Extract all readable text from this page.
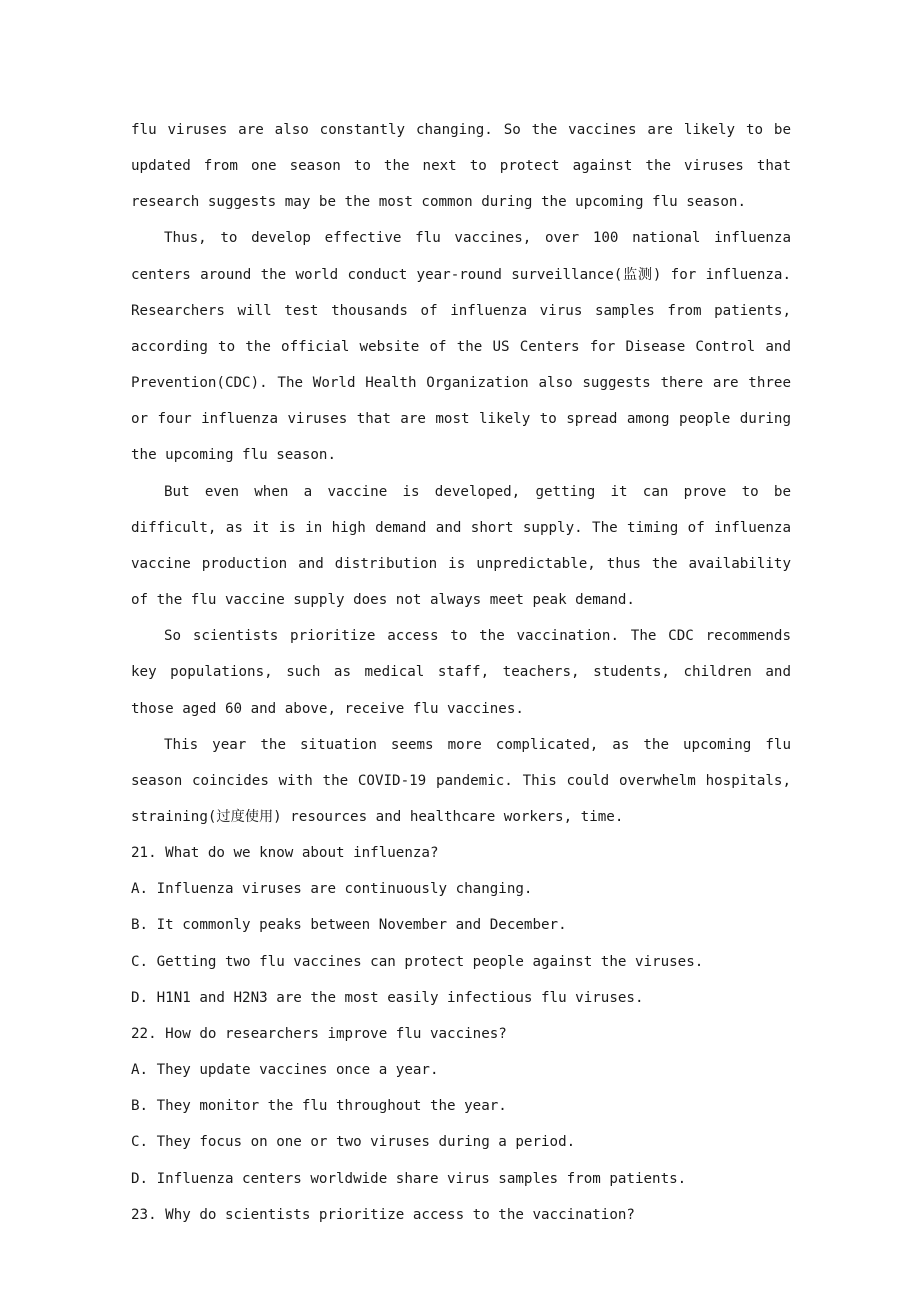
flu viruses are also constantly changing. So the vaccines are likely to be updated from one season to the next to protect against the viruses that research suggests may be the most common during the upcoming flu season.

Thus, to develop effective flu vaccines, over 100 national influenza centers around the world conduct year-round surveillance(监测) for influenza. Researchers will test thousands of influenza virus samples from patients, according to the official website of the US Centers for Disease Control and Prevention(CDC). The World Health Organization also suggests there are three or four influenza viruses that are most likely to spread among people during the upcoming flu season.

But even when a vaccine is developed, getting it can prove to be difficult, as it is in high demand and short supply. The timing of influenza vaccine production and distribution is unpredictable, thus the availability of the flu vaccine supply does not always meet peak demand.

So scientists prioritize access to the vaccination. The CDC recommends key populations, such as medical staff, teachers, students, children and those aged 60 and above, receive flu vaccines.

This year the situation seems more complicated, as the upcoming flu season coincides with the COVID-19 pandemic. This could overwhelm hospitals, straining(过度使用) resources and healthcare workers, time.

21. What do we know about influenza?

A. Influenza viruses are continuously changing.

B. It commonly peaks between November and December.

C. Getting two flu vaccines can protect people against the viruses.

D. H1N1 and H2N3 are the most easily infectious flu viruses.

22. How do researchers improve flu vaccines?

A. They update vaccines once a year.

B. They monitor the flu throughout the year.

C. They focus on one or two viruses during a period.

D. Influenza centers worldwide share virus samples from patients.

23. Why do scientists prioritize access to the vaccination?
